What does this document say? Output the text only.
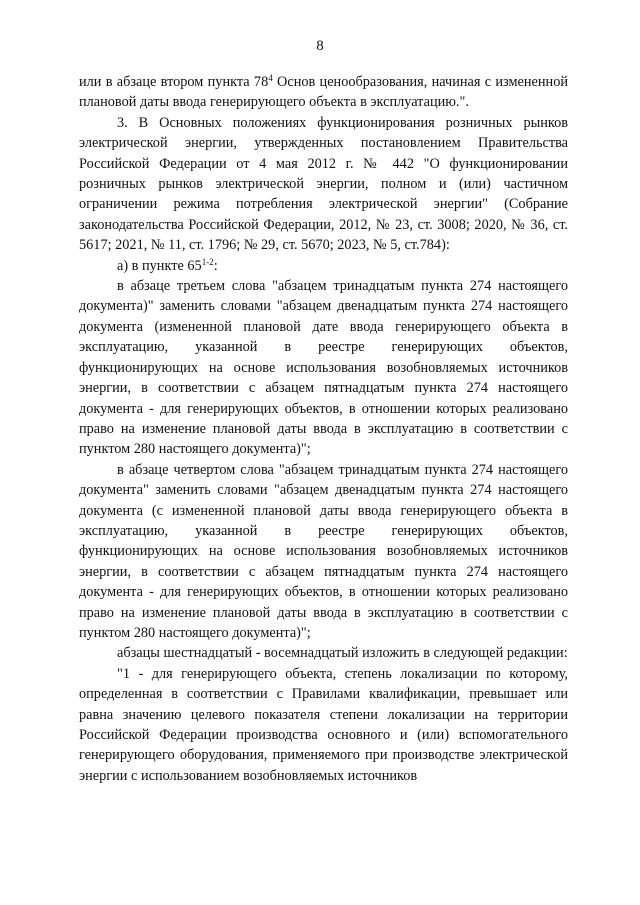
8

или в абзаце втором пункта $78^4$ Основ ценообразования, начиная с измененной плановой даты ввода генерирующего объекта в эксплуатацию.".

3. В Основных положениях функционирования розничных рынков электрической энергии, утвержденных постановлением Правительства Российской Федерации от 4 мая 2012 г. № 442 "О функционировании розничных рынков электрической энергии, полном и (или) частичном ограничении режима потребления электрической энергии" (Собрание законодательства Российской Федерации, 2012, № 23, ст. 3008; 2020, № 36, ст. 5617; 2021, № 11, ст. 1796; № 29, ст. 5670; 2023, № 5, ст.784):

а) в пункте 65$^{1-2}$:

в абзаце третьем слова "абзацем тринадцатым пункта 274 настоящего документа)" заменить словами "абзацем двенадцатым пункта 274 настоящего документа (измененной плановой дате ввода генерирующего объекта в эксплуатацию, указанной в реестре генерирующих объектов, функционирующих на основе использования возобновляемых источников энергии, в соответствии с абзацем пятнадцатым пункта 274 настоящего документа - для генерирующих объектов, в отношении которых реализовано право на изменение плановой даты ввода в эксплуатацию в соответствии с пунктом 280 настоящего документа)";

в абзаце четвертом слова "абзацем тринадцатым пункта 274 настоящего документа" заменить словами "абзацем двенадцатым пункта 274 настоящего документа (с измененной плановой даты ввода генерирующего объекта в эксплуатацию, указанной в реестре генерирующих объектов, функционирующих на основе использования возобновляемых источников энергии, в соответствии с абзацем пятнадцатым пункта 274 настоящего документа - для генерирующих объектов, в отношении которых реализовано право на изменение плановой даты ввода в эксплуатацию в соответствии с пунктом 280 настоящего документа)";

абзацы шестнадцатый - восемнадцатый изложить в следующей редакции:

"1 - для генерирующего объекта, степень локализации по которому, определенная в соответствии с Правилами квалификации, превышает или равна значению целевого показателя степени локализации на территории Российской Федерации производства основного и (или) вспомогательного генерирующего оборудования, применяемого при производстве электрической энергии с использованием возобновляемых источников
